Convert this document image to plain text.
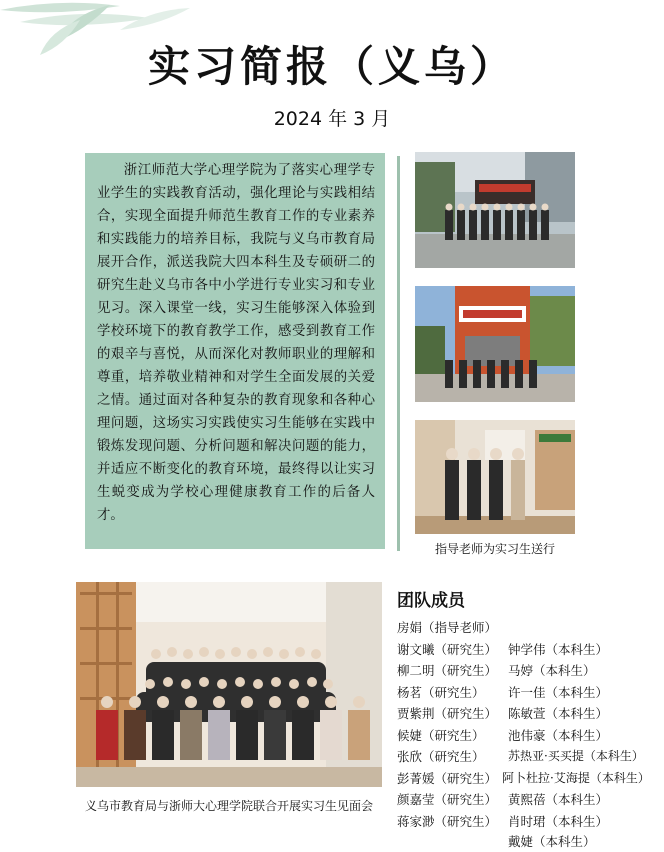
实习简报（义乌）
2024 年 3 月

浙江师范大学心理学院为了落实心理学专业学生的实践教育活动，强化理论与实践相结合，实现全面提升师范生教育工作的专业素养和实践能力的培养目标，我院与义乌市教育局展开合作，派送我院大四本科生及专硕研二的研究生赴义乌市各中小学进行专业实习和专业见习。深入课堂一线，实习生能够深入体验到学校环境下的教育教学工作，感受到教育工作的艰辛与喜悦，从而深化对教师职业的理解和尊重，培养敬业精神和对学生全面发展的关爱之情。通过面对各种复杂的教育现象和各种心理问题，这场实习实践使实习生能够在实践中锻炼发现问题、分析问题和解决问题的能力，并适应不断变化的教育环境，最终得以让实习生蜕变成为学校心理健康教育工作的后备人才。

指导老师为实习生送行
义乌市教育局与浙师大心理学院联合开展实习生见面会
团队成员
房娟（指导老师）
谢文曦（研究生）
柳二明（研究生）
杨茗（研究生）
贾紫荆（研究生）
候婕（研究生）
张欣（研究生）
彭菁媛（研究生）
颜嘉莹（研究生）
蒋家渺（研究生）
钟学伟（本科生）
马婷（本科生）
许一佳（本科生）
陈敏萱（本科生）
池伟豪（本科生）
苏热亚·买买提（本科生）
阿卜杜拉·艾海提（本科生）
黄熙蓓（本科生）
肖时珺（本科生）
戴婕（本科生）
